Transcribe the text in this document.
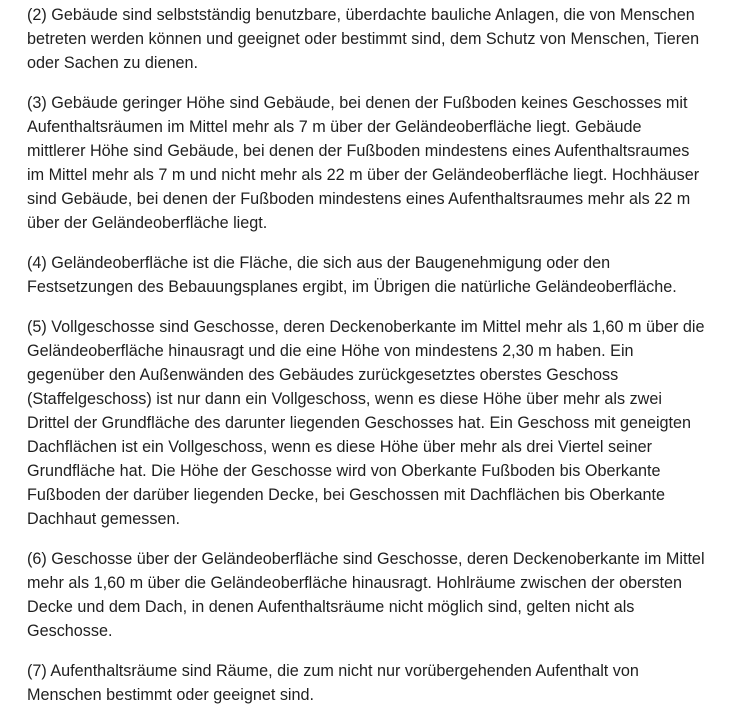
(2) Gebäude sind selbstständig benutzbare, überdachte bauliche Anlagen, die von Menschen
betreten werden können und geeignet oder bestimmt sind, dem Schutz von Menschen, Tieren
oder Sachen zu dienen.

(3) Gebäude geringer Höhe sind Gebäude, bei denen der Fußboden keines Geschosses mit
Aufenthaltsräumen im Mittel mehr als 7 m über der Geländeoberfläche liegt. Gebäude
mittlerer Höhe sind Gebäude, bei denen der Fußboden mindestens eines Aufenthaltsraumes
im Mittel mehr als 7 m und nicht mehr als 22 m über der Geländeoberfläche liegt. Hochhäuser
sind Gebäude, bei denen der Fußboden mindestens eines Aufenthaltsraumes mehr als 22 m
über der Geländeoberfläche liegt.

(4) Geländeoberfläche ist die Fläche, die sich aus der Baugenehmigung oder den
Festsetzungen des Bebauungsplanes ergibt, im Übrigen die natürliche Geländeoberfläche.

(5) Vollgeschosse sind Geschosse, deren Deckenoberkante im Mittel mehr als 1,60 m über die
Geländeoberfläche hinausragt und die eine Höhe von mindestens 2,30 m haben. Ein
gegenüber den Außenwänden des Gebäudes zurückgesetztes oberstes Geschoss
(Staffelgeschoss) ist nur dann ein Vollgeschoss, wenn es diese Höhe über mehr als zwei
Drittel der Grundfläche des darunter liegenden Geschosses hat. Ein Geschoss mit geneigten
Dachflächen ist ein Vollgeschoss, wenn es diese Höhe über mehr als drei Viertel seiner
Grundfläche hat. Die Höhe der Geschosse wird von Oberkante Fußboden bis Oberkante
Fußboden der darüber liegenden Decke, bei Geschossen mit Dachflächen bis Oberkante
Dachhaut gemessen.

(6) Geschosse über der Geländeoberfläche sind Geschosse, deren Deckenoberkante im Mittel
mehr als 1,60 m über die Geländeoberfläche hinausragt. Hohlräume zwischen der obersten
Decke und dem Dach, in denen Aufenthaltsräume nicht möglich sind, gelten nicht als
Geschosse.

(7) Aufenthaltsräume sind Räume, die zum nicht nur vorübergehenden Aufenthalt von
Menschen bestimmt oder geeignet sind.
